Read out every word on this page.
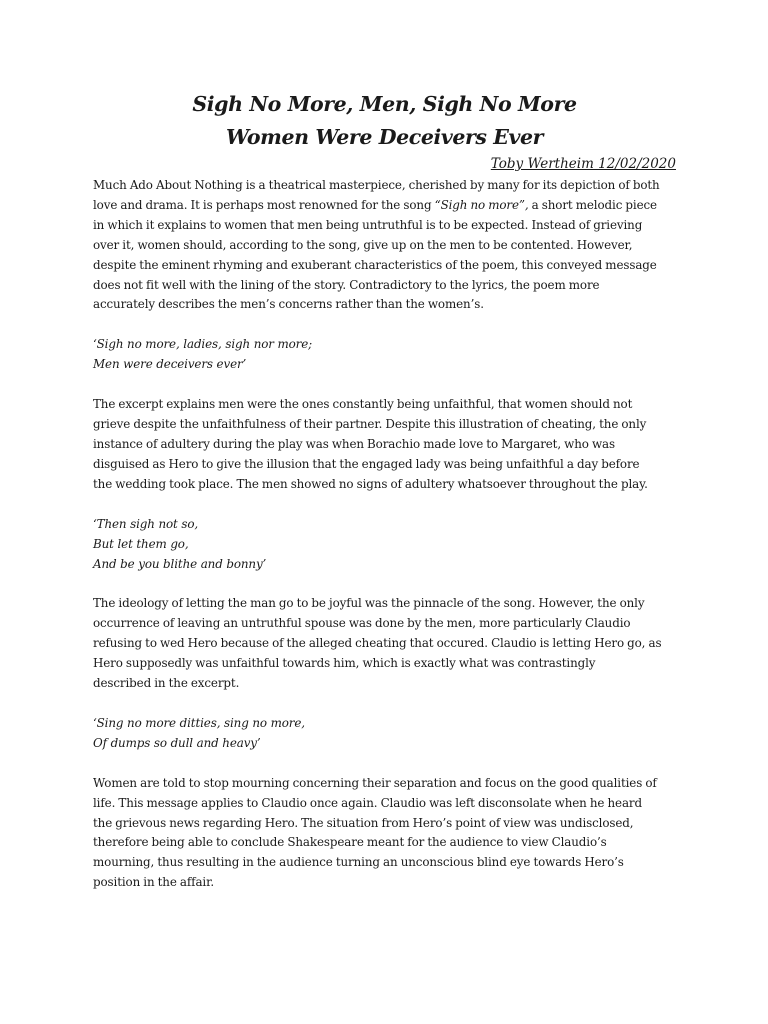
Sigh No More, Men, Sigh No More
Women Were Deceivers Ever

Toby Wertheim 12/02/2020

Much Ado About Nothing is a theatrical masterpiece, cherished by many for its depiction of both
love and drama. It is perhaps most renowned for the song “Sigh no more”, a short melodic piece
in which it explains to women that men being untruthful is to be expected. Instead of grieving
over it, women should, according to the song, give up on the men to be contented. However,
despite the eminent rhyming and exuberant characteristics of the poem, this conveyed message
does not fit well with the lining of the story. Contradictory to the lyrics, the poem more
accurately describes the men’s concerns rather than the women’s.

ʻSigh no more, ladies, sigh nor more;
Men were deceivers ever’

The excerpt explains men were the ones constantly being unfaithful, that women should not
grieve despite the unfaithfulness of their partner. Despite this illustration of cheating, the only
instance of adultery during the play was when Borachio made love to Margaret, who was
disguised as Hero to give the illusion that the engaged lady was being unfaithful a day before
the wedding took place. The men showed no signs of adultery whatsoever throughout the play.

‘Then sigh not so,
But let them go,
And be you blithe and bonny’

The ideology of letting the man go to be joyful was the pinnacle of the song. However, the only
occurrence of leaving an untruthful spouse was done by the men, more particularly Claudio
refusing to wed Hero because of the alleged cheating that occured. Claudio is letting Hero go, as
Hero supposedly was unfaithful towards him, which is exactly what was contrastingly
described in the excerpt.

‘Sing no more ditties, sing no more,
Of dumps so dull and heavy’

Women are told to stop mourning concerning their separation and focus on the good qualities of
life. This message applies to Claudio once again. Claudio was left disconsolate when he heard
the grievous news regarding Hero. The situation from Hero’s point of view was undisclosed,
therefore being able to conclude Shakespeare meant for the audience to view Claudio’s
mourning, thus resulting in the audience turning an unconscious blind eye towards Hero’s
position in the affair.
